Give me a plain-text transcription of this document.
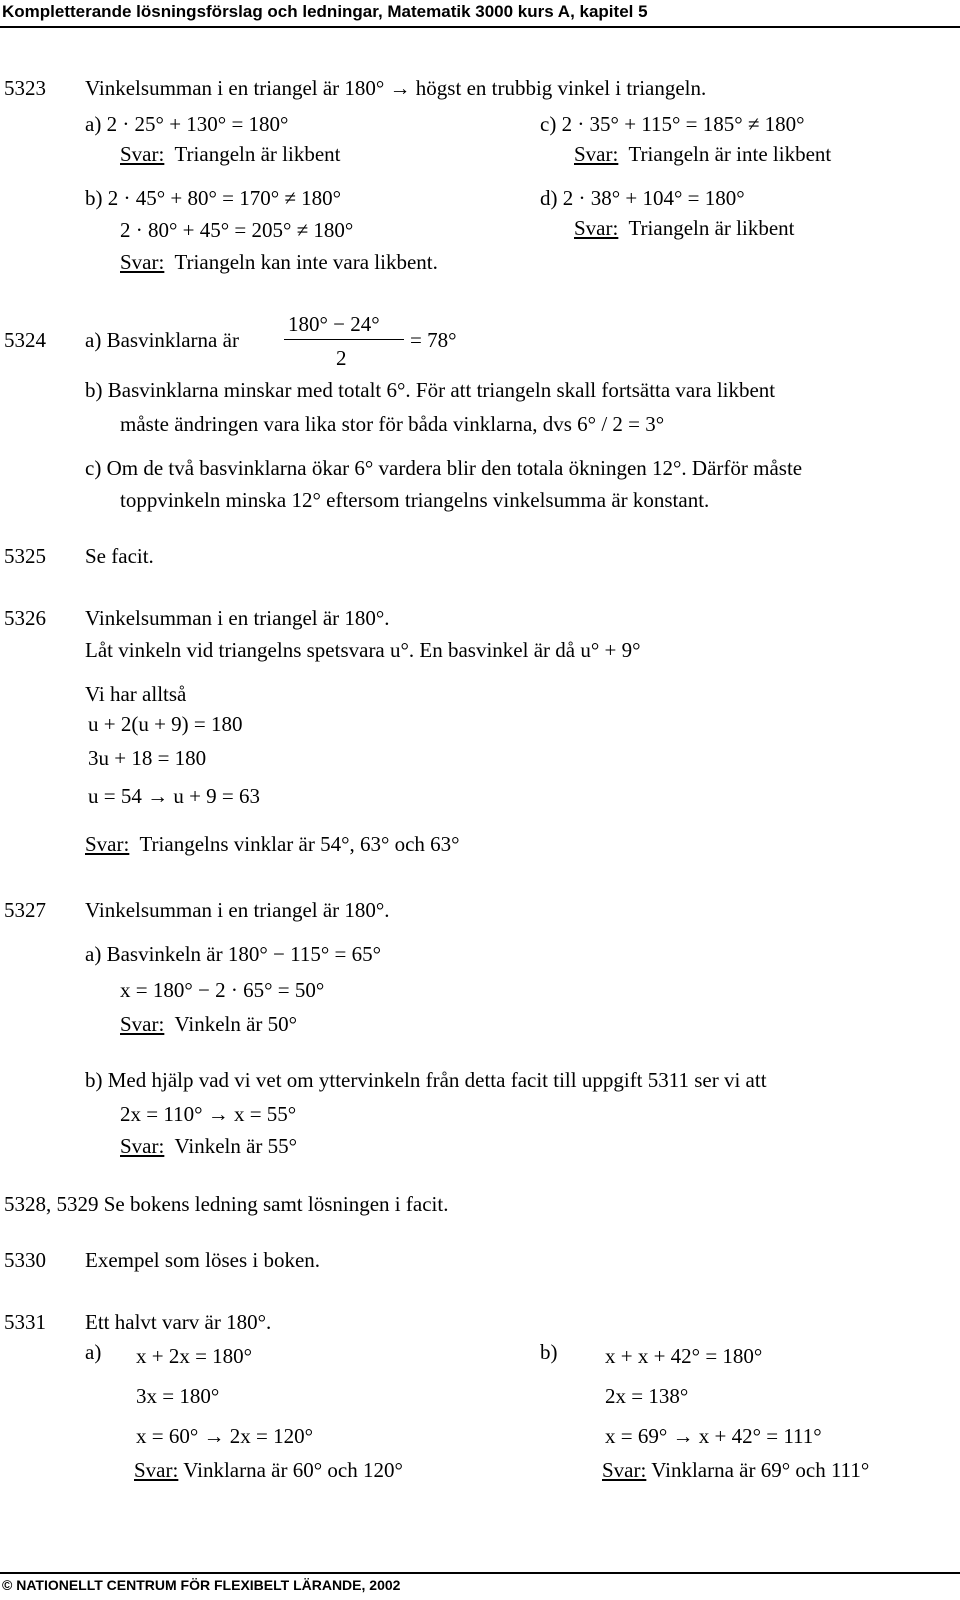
Kompletterande lösningsförslag och ledningar, Matematik 3000 kurs A, kapitel 5
5323 Vinkelsumman i en triangel är 180° → högst en trubbig vinkel i triangeln.
a) 2 · 25° + 130° = 180°
Svar: Triangeln är likbent
c) 2 · 35° + 115° = 185° ≠ 180°
Svar: Triangeln är inte likbent
b) 2 · 45° + 80° = 170° ≠ 180°
2 · 80° + 45° = 205° ≠ 180°
Svar: Triangeln kan inte vara likbent.
d) 2 · 38° + 104° = 180°
Svar: Triangeln är likbent
5324 a) Basvinklarna är
180° − 24°
2
= 78°
b) Basvinklarna minskar med totalt 6°. För att triangeln skall fortsätta vara likbent
måste ändringen vara lika stor för båda vinklarna, dvs 6° / 2 = 3°
c) Om de två basvinklarna ökar 6° vardera blir den totala ökningen 12°. Därför måste
toppvinkeln minska 12° eftersom triangelns vinkelsumma är konstant.
5325 Se facit.
5326 Vinkelsumman i en triangel är 180°.
Låt vinkeln vid triangelns spetsvara u°. En basvinkel är då u° + 9°
Vi har alltså
u + 2(u + 9) = 180
3u + 18 = 180
u = 54 → u + 9 = 63
Svar: Triangelns vinklar är 54°, 63° och 63°
5327 Vinkelsumman i en triangel är 180°.
a) Basvinkeln är 180° − 115° = 65°
x = 180° − 2 · 65° = 50°
Svar: Vinkeln är 50°
b) Med hjälp vad vi vet om yttervinkeln från detta facit till uppgift 5311 ser vi att
2x = 110° → x = 55°
Svar: Vinkeln är 55°
5328, 5329 Se bokens ledning samt lösningen i facit.
5330 Exempel som löses i boken.
5331 Ett halvt varv är 180°.
a) x + 2x = 180°
3x = 180°
x = 60° → 2x = 120°
Svar: Vinklarna är 60° och 120°
b) x + x + 42° = 180°
2x = 138°
x = 69° → x + 42° = 111°
Svar: Vinklarna är 69° och 111°
© NATIONELLT CENTRUM FÖR FLEXIBELT LÄRANDE, 2002
